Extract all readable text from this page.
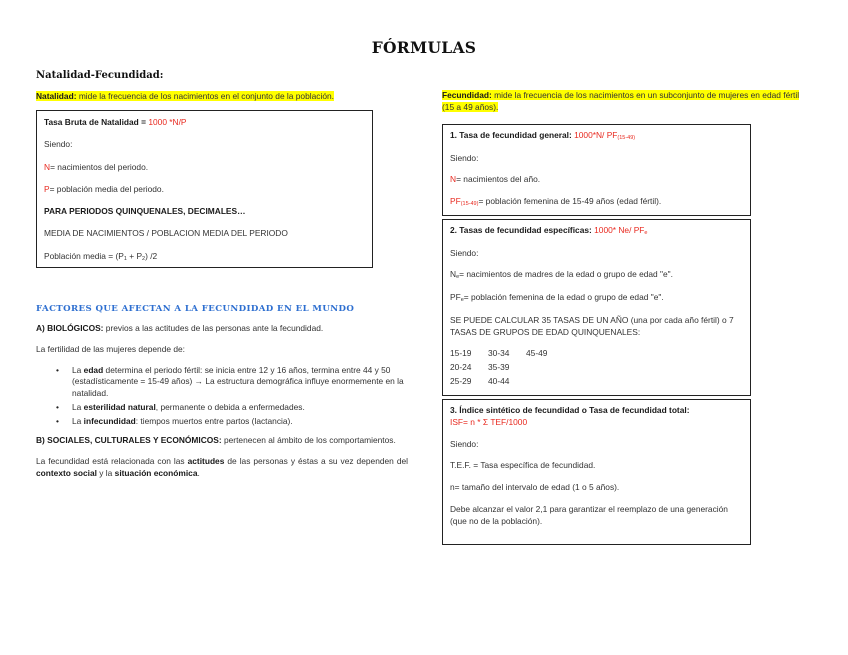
FÓRMULAS
Natalidad-Fecundidad:
Natalidad: mide la frecuencia de los nacimientos en el conjunto de la población.

Tasa Bruta de Natalidad = 1000 *N/P

Siendo:

N= nacimientos del periodo.

P= población media del periodo.

PARA PERIODOS QUINQUENALES, DECIMALES…

MEDIA DE NACIMIENTOS / POBLACION MEDIA DEL PERIODO

Población media = $(P_1 + P_2)$ /2

FACTORES QUE AFECTAN A LA FECUNDIDAD EN EL MUNDO

A) BIOLÓGICOS: previos a las actitudes de las personas ante la fecundidad.

La fertilidad de las mujeres depende de:

• La edad determina el periodo fértil: se inicia entre 12 y 16 años, termina entre 44 y 50 (estadísticamente = 15-49 años) → La estructura demográfica influye enormemente en la natalidad.
• La esterilidad natural, permanente o debida a enfermedades.
• La infecundidad: tiempos muertos entre partos (lactancia).

B) SOCIALES, CULTURALES Y ECONÓMICOS: pertenecen al ámbito de los comportamientos.

La fecundidad está relacionada con las actitudes de las personas y éstas a su vez dependen del contexto social y la situación económica.

Fecundidad: mide la frecuencia de los nacimientos en un subconjunto de mujeres en edad fértil (15 a 49 años).

1. Tasa de fecundidad general: 1000*N/ $PF_{(15-49)}$

Siendo:

N= nacimientos del año.

$PF_{(15-49)}=$ población femenina de 15-49 años (edad fértil).

2. Tasas de fecundidad específicas: 1000* Ne/ $PF_e$

Siendo:

$N_e=$ nacimientos de madres de la edad o grupo de edad "e".

$PF_e=$ población femenina de la edad o grupo de edad "e".

SE PUEDE CALCULAR 35 TASAS DE UN AÑO (una por cada año fértil) o 7 TASAS DE GRUPOS DE EDAD QUINQUENALES:

15-19	30-34	45-49
20-24	35-39
25-29	40-44

3. Índice sintético de fecundidad o Tasa de fecundidad total:
ISF= n * Σ TEF/1000

Siendo:

T.E.F. = Tasa específica de fecundidad.

n= tamaño del intervalo de edad (1 o 5 años).

Debe alcanzar el valor 2,1 para garantizar el reemplazo de una generación (que no de la población).
